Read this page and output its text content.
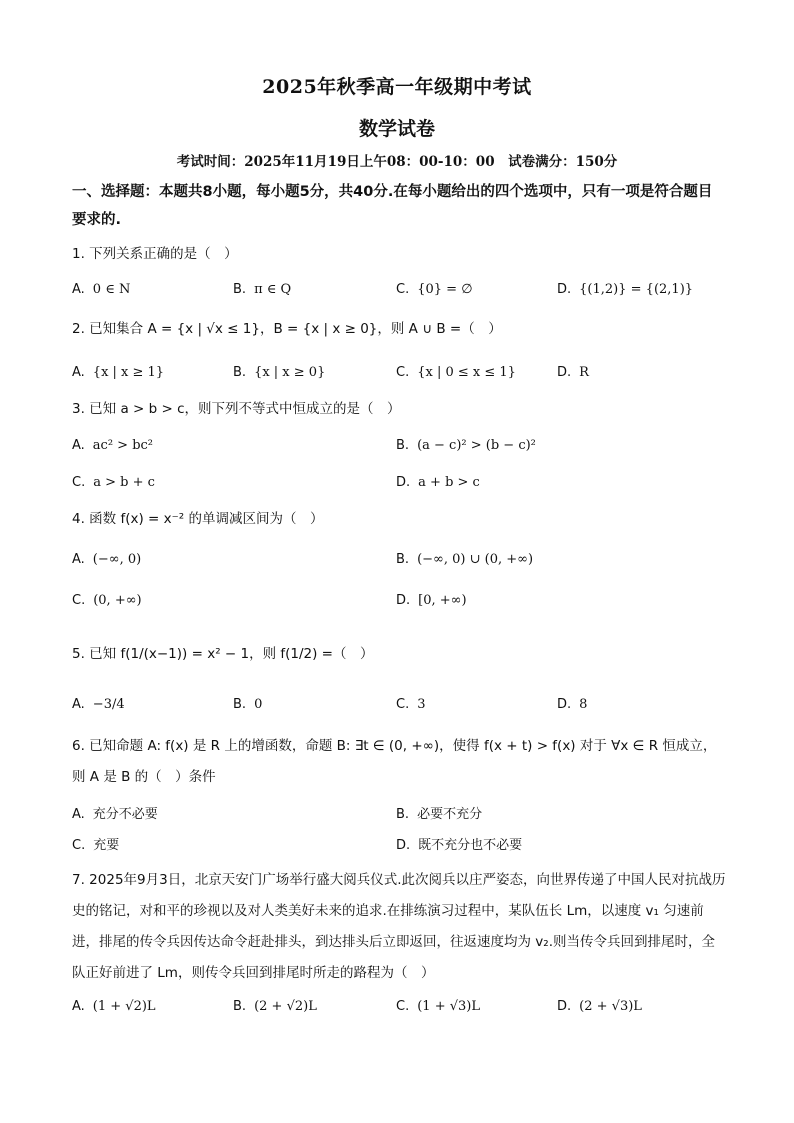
2025年秋季高一年级期中考试
数学试卷
考试时间：2025年11月19日上午08：00-10：00　试卷满分：150分
一、选择题：本题共8小题，每小题5分，共40分.在每小题给出的四个选项中，只有一项是符合题目要求的.
1. 下列关系正确的是（　）
A. 0 ∈ N	B. π ∈ Q	C. {0} = ∅	D. {(1,2)} = {(2,1)}
2. 已知集合 A = {x | √x ≤ 1}，B = {x | x ≥ 0}，则 A ∪ B =（　）
A. {x | x ≥ 1}	B. {x | x ≥ 0}	C. {x | 0 ≤ x ≤ 1}	D. R
3. 已知 a > b > c，则下列不等式中恒成立的是（　）
A. ac² > bc²	B. (a − c)² > (b − c)²
C. a > b + c	D. a + b > c
4. 函数 f(x) = x⁻² 的单调减区间为（　）
A. (−∞, 0)	B. (−∞, 0) ∪ (0, +∞)
C. (0, +∞)	D. [0, +∞)
5. 已知 f(1/(x−1)) = x² − 1，则 f(1/2) =（　）
A. −3/4	B. 0	C. 3	D. 8
6. 已知命题 A: f(x) 是 R 上的增函数，命题 B: ∃t ∈ (0, +∞)，使得 f(x + t) > f(x) 对于 ∀x ∈ R 恒成立，则 A 是 B 的（　）条件
A. 充分不必要	B. 必要不充分
C. 充要	D. 既不充分也不必要
7. 2025年9月3日，北京天安门广场举行盛大阅兵仪式.此次阅兵以庄严姿态，向世界传递了中国人民对抗战历史的铭记，对和平的珍视以及对人类美好未来的追求.在排练演习过程中，某队伍长 Lm，以速度 v₁ 匀速前进，排尾的传令兵因传达命令赶赴排头，到达排头后立即返回，往返速度均为 v₂.则当传令兵回到排尾时，全队正好前进了 Lm，则传令兵回到排尾时所走的路程为（　）
A. (1 + √2)L	B. (2 + √2)L	C. (1 + √3)L	D. (2 + √3)L
